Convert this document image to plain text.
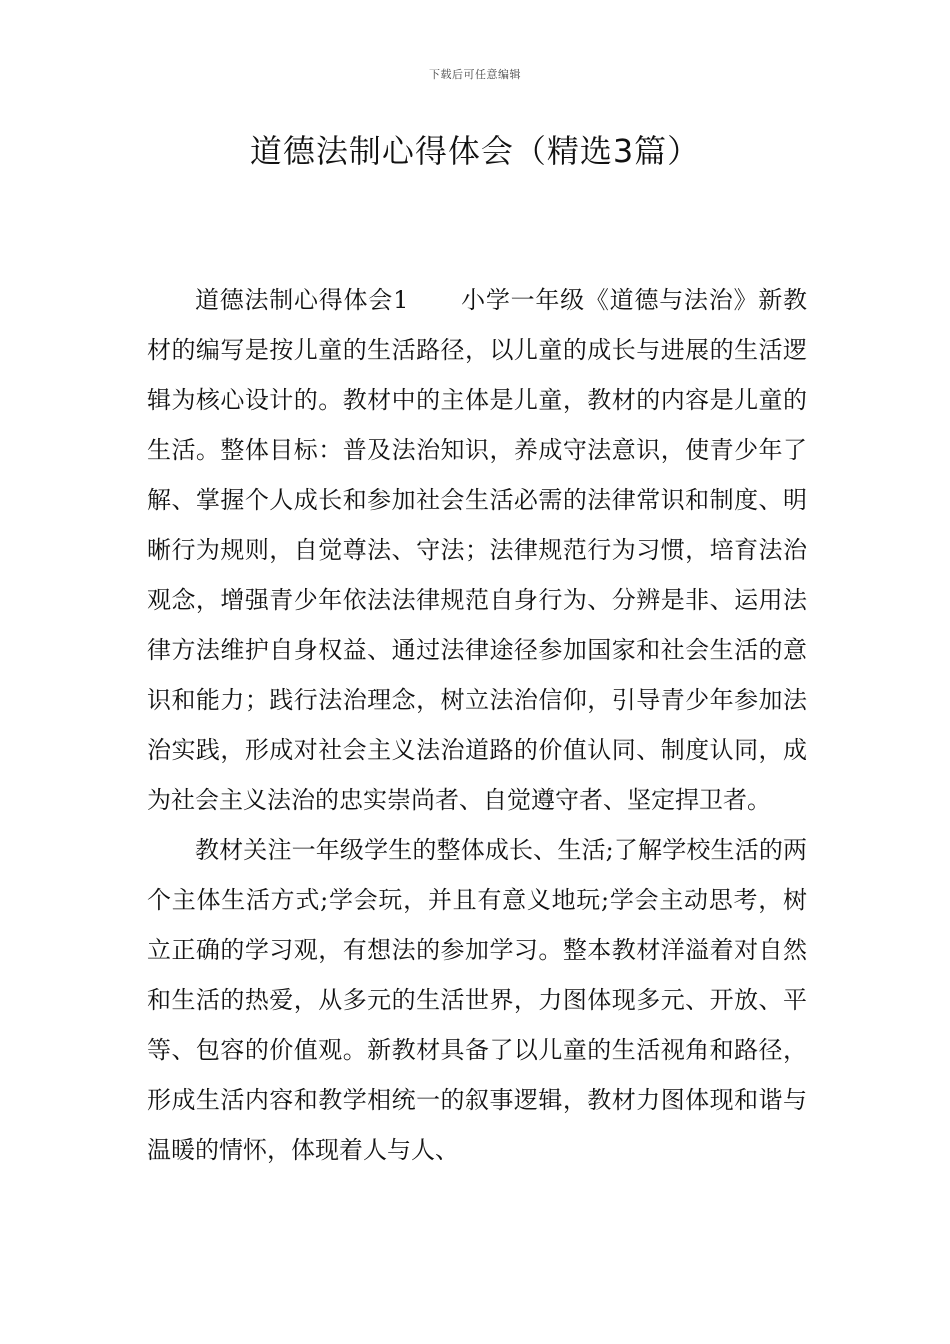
下载后可任意编辑
道德法制心得体会（精选3篇）

道德法制心得体会1 小学一年级《道德与法治》新教材的编写是按儿童的生活路径，以儿童的成长与进展的生活逻辑为核心设计的。教材中的主体是儿童，教材的内容是儿童的生活。整体目标：普及法治知识，养成守法意识，使青少年了解、掌握个人成长和参加社会生活必需的法律常识和制度、明晰行为规则，自觉尊法、守法；法律规范行为习惯，培育法治观念，增强青少年依法法律规范自身行为、分辨是非、运用法律方法维护自身权益、通过法律途径参加国家和社会生活的意识和能力；践行法治理念，树立法治信仰，引导青少年参加法治实践，形成对社会主义法治道路的价值认同、制度认同，成为社会主义法治的忠实崇尚者、自觉遵守者、坚定捍卫者。

教材关注一年级学生的整体成长、生活;了解学校生活的两个主体生活方式;学会玩，并且有意义地玩;学会主动思考，树立正确的学习观，有想法的参加学习。整本教材洋溢着对自然和生活的热爱，从多元的生活世界，力图体现多元、开放、平等、包容的价值观。新教材具备了以儿童的生活视角和路径，形成生活内容和教学相统一的叙事逻辑，教材力图体现和谐与温暖的情怀，体现着人与人、
